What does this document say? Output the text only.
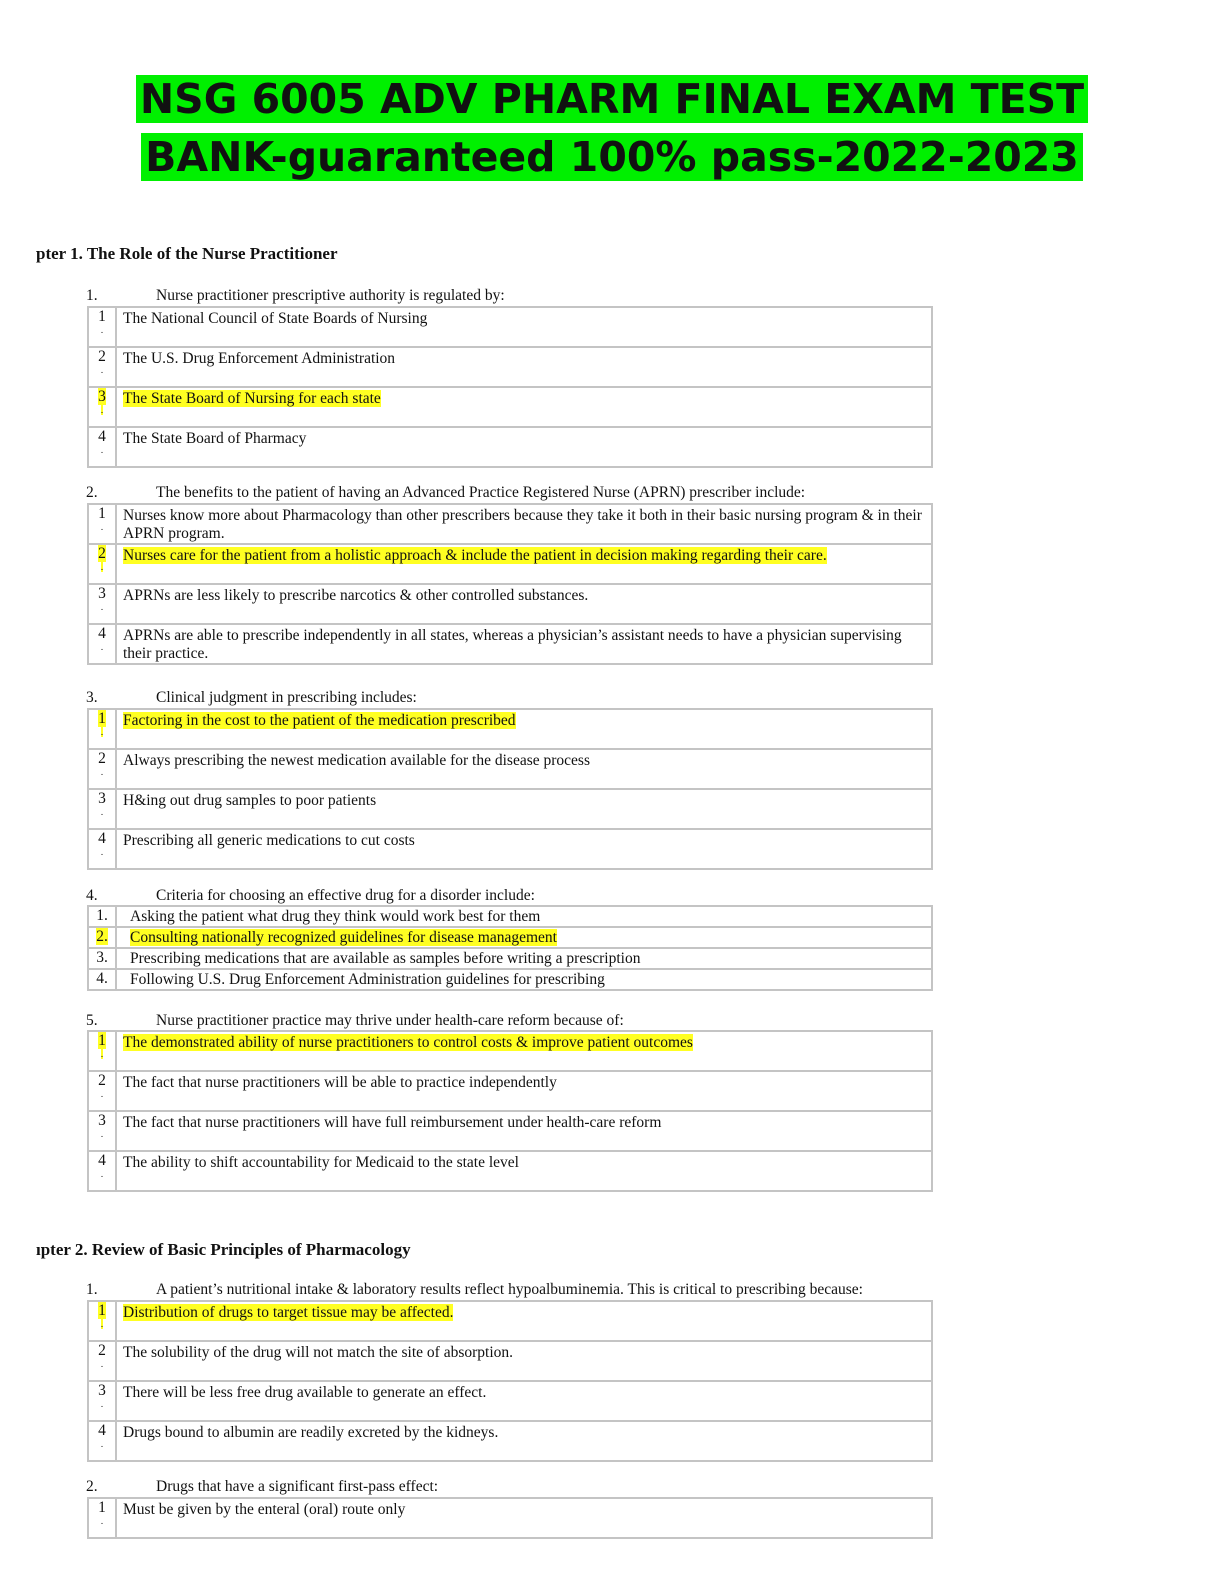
NSG 6005 ADV PHARM FINAL EXAM TEST
BANK-guaranteed 100% pass-2022-2023
pter 1. The Role of the Nurse Practitioner
1.	Nurse practitioner prescriptive authority is regulated by:
1
.	The National Council of State Boards of Nursing
2
.	The U.S. Drug Enforcement Administration
3
.	The State Board of Nursing for each state
4
.	The State Board of Pharmacy
2.	The benefits to the patient of having an Advanced Practice Registered Nurse (APRN) prescriber include:
1
.	Nurses know more about Pharmacology than other prescribers because they take it both in their basic nursing program & in their APRN program.
2
.	Nurses care for the patient from a holistic approach & include the patient in decision making regarding their care.
3
.	APRNs are less likely to prescribe narcotics & other controlled substances.
4
.	APRNs are able to prescribe independently in all states, whereas a physician’s assistant needs to have a physician supervising their practice.
3.	Clinical judgment in prescribing includes:
1
.	Factoring in the cost to the patient of the medication prescribed
2
.	Always prescribing the newest medication available for the disease process
3
.	H&ing out drug samples to poor patients
4
.	Prescribing all generic medications to cut costs
4.	Criteria for choosing an effective drug for a disorder include:
1.	Asking the patient what drug they think would work best for them
2.	Consulting nationally recognized guidelines for disease management
3.	Prescribing medications that are available as samples before writing a prescription
4.	Following U.S. Drug Enforcement Administration guidelines for prescribing
5.	Nurse practitioner practice may thrive under health-care reform because of:
1
.	The demonstrated ability of nurse practitioners to control costs & improve patient outcomes
2
.	The fact that nurse practitioners will be able to practice independently
3
.	The fact that nurse practitioners will have full reimbursement under health-care reform
4
.	The ability to shift accountability for Medicaid to the state level
ıpter 2. Review of Basic Principles of Pharmacology
1.	A patient’s nutritional intake & laboratory results reflect hypoalbuminemia. This is critical to prescribing because:
1
.	Distribution of drugs to target tissue may be affected.
2
.	The solubility of the drug will not match the site of absorption.
3
.	There will be less free drug available to generate an effect.
4
.	Drugs bound to albumin are readily excreted by the kidneys.
2.	Drugs that have a significant first-pass effect:
1
.
	Must be given by the enteral (oral) route only
